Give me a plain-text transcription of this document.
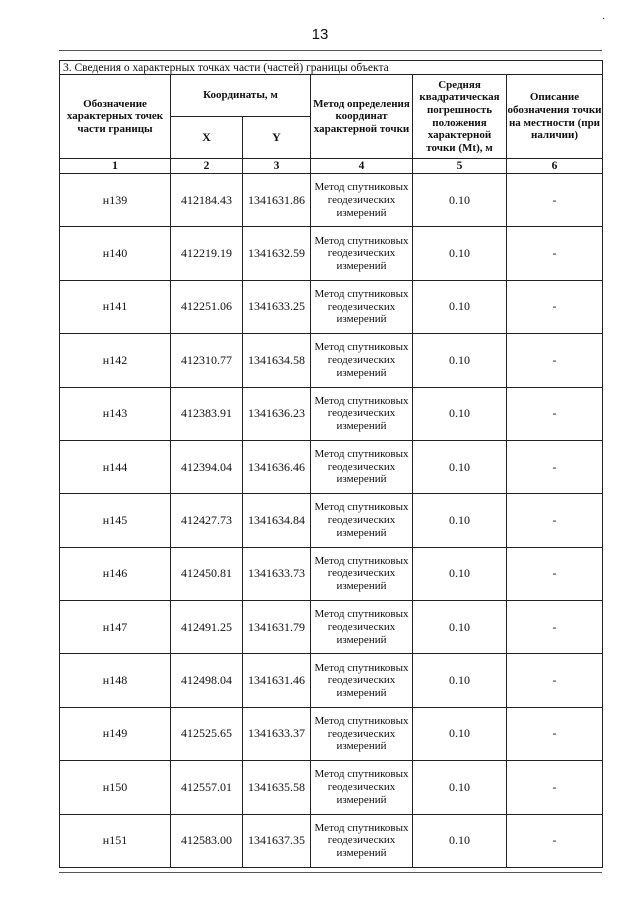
13
·
3. Сведения о характерных точках части (частей) границы объекта					
Обозначение характерных точек части границы	Координаты, м		Метод определения координат характерной точки	Средняя квадратическая погрешность положения характерной точки (Mt), м	Описание обозначения точки на местности (при наличии)
	X	Y			
1	2	3	4	5	6
н139	412184.43	1341631.86	Метод спутниковых геодезических измерений	0.10	-
н140	412219.19	1341632.59	Метод спутниковых геодезических измерений	0.10	-
н141	412251.06	1341633.25	Метод спутниковых геодезических измерений	0.10	-
н142	412310.77	1341634.58	Метод спутниковых геодезических измерений	0.10	-
н143	412383.91	1341636.23	Метод спутниковых геодезических измерений	0.10	-
н144	412394.04	1341636.46	Метод спутниковых геодезических измерений	0.10	-
н145	412427.73	1341634.84	Метод спутниковых геодезических измерений	0.10	-
н146	412450.81	1341633.73	Метод спутниковых геодезических измерений	0.10	-
н147	412491.25	1341631.79	Метод спутниковых геодезических измерений	0.10	-
н148	412498.04	1341631.46	Метод спутниковых геодезических измерений	0.10	-
н149	412525.65	1341633.37	Метод спутниковых геодезических измерений	0.10	-
н150	412557.01	1341635.58	Метод спутниковых геодезических измерений	0.10	-
н151	412583.00	1341637.35	Метод спутниковых геодезических измерений	0.10	-
